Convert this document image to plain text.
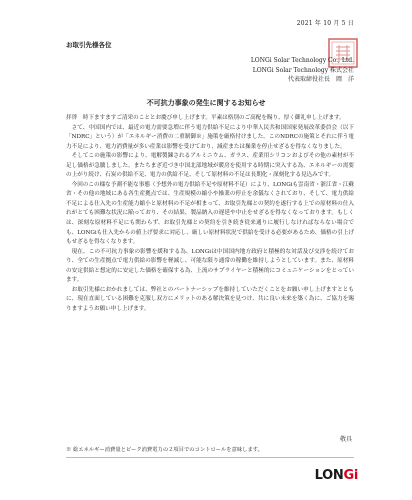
2021 年 10 月 5 日
お取引先様各位
LONGi Solar Technology Co., Ltd.
LONGi Solar Technology 株式会社
代表取締役社長　岡　洋
不可抗力事象の発生に関するお知らせ

拝啓　時下ますますご清栄のこととお慶び申し上げます。平素は格別のご高配を賜り、厚く御礼申し上げます。

さて、中国国内では、最近の電力需要急増に伴う電力供給不足により中華人民共和国国家発展改革委員会（以下「NDRC」という）が「エネルギー消費の二重制御※」施策を厳格付けました。このNDRCの施策とそれに伴う電力不足により、電力消費量が多い産業は影響を受けており、減産または操業を停止せざるを得なくなりました。

そしてこの施策の影響により、電解製錬されるアルミニウム、ガラス、産業用シリコンおよびその他の素材が不足し価格が急騰しました。またちまざ近づき中国北部地域が暖房を使用する時期に突入する為、エネルギーの需要の上がり続け、石炭の供給不足、電力の供給不足、そして原材料の不足は長期化・深刻化する見込みです。

今回のこの様な予測不能な事態（予想外の電力供給不足や原材料不足）により、LONGiも雲南省・浙江省・江蘇省・その他の地域にある各生産拠点では、生産規模の縮小や操業の停止を余儀なくされており、そして、電力供給不足による仕入先の生産能力縮小と原材料の不足が相まって、お取引先様との契約を遂行する上での原材料の仕入れがとても困難な状況に陥っており、その結果、製品納入の遅延や中止をせざるを得なくなっております。もしくは、深刻な原材料不足にも関わらず、お取引先様との契約を引き続き従来通りに履行しなければならない場合でも、LONGiも仕入先からの値上げ要求に対応し、厳しい原材料状況で供給を受ける必要があるため、価格の引上げもせざるを得なくなります。

現在、この不可抗力事象の影響を緩和する為、LONGiは中国国内地方政府と積極的な対話及び交渉を続けており、全ての生産拠点で電力供給の影響を軽減し、可能な限り通常の稼働を維持しようとしています。また、原材料の安定供給と想定的に安定した価格を確保する為、上流のサプライヤーと積極的にコミュニケーションをとっています。

お取引先様におかれましては、弊社とのパートナーシップを維持していただくことをお願い申し上げますとともに、現在直面している困難を克服し双方にメリットのある解決策を見つけ、共に良い未来を築く為に、ご協力を賜りますようお願い申し上げます。

敬具
※ 総エネルギー消費量とピーク消費電力の２項目でのコントロールを意味します。
LONGi
